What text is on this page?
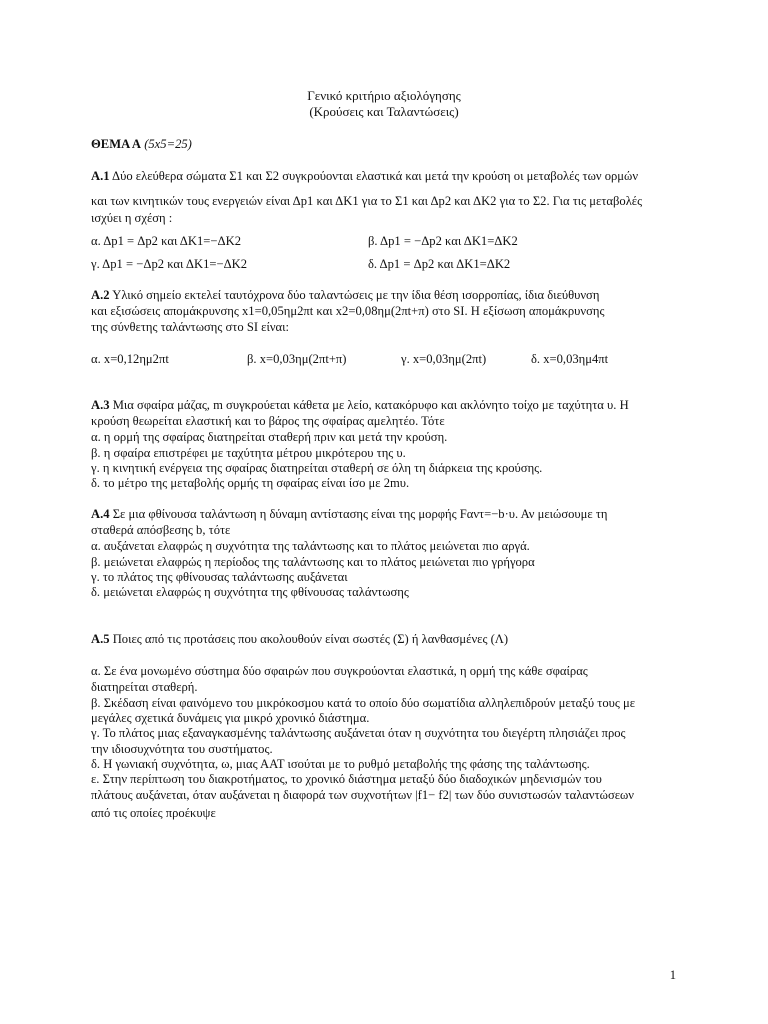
Γενικό κριτήριο αξιολόγησης
(Κρούσεις και Ταλαντώσεις)
ΘΕΜΑ Α (5x5=25)
Α.1 Δύο ελεύθερα σώματα Σ1 και Σ2 συγκρούονται ελαστικά και μετά την κρούση οι μεταβολές των ορμών
και των κινητικών τους ενεργειών είναι Δp1 και ΔΚ1 για το Σ1 και Δp2 και ΔΚ2 για το Σ2. Για τις μεταβολές
ισχύει η σχέση :
α. Δp1 = Δp2 και ΔΚ1=−ΔΚ2	β. Δp1 = −Δp2 και ΔΚ1=ΔΚ2
γ. Δp1 = −Δp2 και ΔΚ1=−ΔΚ2	δ. Δp1 = Δp2 και ΔΚ1=ΔΚ2
Α.2 Υλικό σημείο εκτελεί ταυτόχρονα δύο ταλαντώσεις με την ίδια θέση ισορροπίας, ίδια διεύθυνση
και εξισώσεις απομάκρυνσης x1=0,05ημ2πt και x2=0,08ημ(2πt+π) στο SI. Η εξίσωση απομάκρυνσης
της σύνθετης ταλάντωσης στο SI είναι:
α. x=0,12ημ2πt	β. x=0,03ημ(2πt+π)	γ. x=0,03ημ(2πt)	δ. x=0,03ημ4πt
Α.3 Μια σφαίρα μάζας, m συγκρούεται κάθετα με λείο, κατακόρυφο και ακλόνητο τοίχο με ταχύτητα υ. Η
κρούση θεωρείται ελαστική και το βάρος της σφαίρας αμελητέο. Τότε
α. η ορμή της σφαίρας διατηρείται σταθερή πριν και μετά την κρούση.
β. η σφαίρα επιστρέφει με ταχύτητα μέτρου μικρότερου της υ.
γ. η κινητική ενέργεια της σφαίρας διατηρείται σταθερή σε όλη τη διάρκεια της κρούσης.
δ. το μέτρο της μεταβολής ορμής τη σφαίρας είναι ίσο με 2mυ.
Α.4 Σε μια φθίνουσα ταλάντωση η δύναμη αντίστασης είναι της μορφής Fαντ=−b·υ. Αν μειώσουμε τη
σταθερά απόσβεσης b, τότε
α. αυξάνεται ελαφρώς η συχνότητα της ταλάντωσης και το πλάτος μειώνεται πιο αργά.
β. μειώνεται ελαφρώς η περίοδος της ταλάντωσης και το πλάτος μειώνεται πιο γρήγορα
γ. το πλάτος της φθίνουσας ταλάντωσης αυξάνεται
δ. μειώνεται ελαφρώς η συχνότητα της φθίνουσας ταλάντωσης
Α.5 Ποιες από τις προτάσεις που ακολουθούν είναι σωστές (Σ) ή λανθασμένες (Λ)
α. Σε ένα μονωμένο σύστημα δύο σφαιρών που συγκρούονται ελαστικά, η ορμή της κάθε σφαίρας
διατηρείται σταθερή.
β. Σκέδαση είναι φαινόμενο του μικρόκοσμου κατά το οποίο δύο σωματίδια αλληλεπιδρούν μεταξύ τους με
μεγάλες σχετικά δυνάμεις για μικρό χρονικό διάστημα.
γ. Το πλάτος μιας εξαναγκασμένης ταλάντωσης αυξάνεται όταν η συχνότητα του διεγέρτη πλησιάζει προς
την ιδιοσυχνότητα του συστήματος.
δ. Η γωνιακή συχνότητα, ω, μιας ΑΑΤ ισούται με το ρυθμό μεταβολής της φάσης της ταλάντωσης.
ε. Στην περίπτωση του διακροτήματος, το χρονικό διάστημα μεταξύ δύο διαδοχικών μηδενισμών του
πλάτους αυξάνεται, όταν αυξάνεται η διαφορά των συχνοτήτων |f1− f2| των δύο συνιστωσών ταλαντώσεων
από τις οποίες προέκυψε
1
